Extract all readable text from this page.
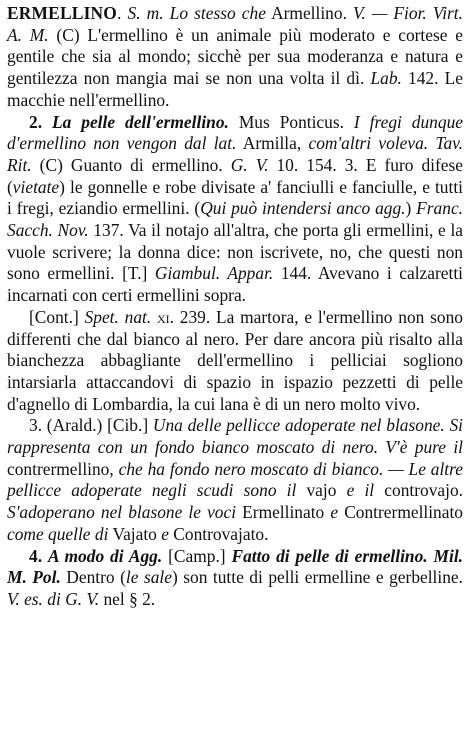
ERMELLINO. S. m. Lo stesso che Armellino. V. — Fior. Virt. A. M. (C) L'ermellino è un animale più moderato e cortese e gentile che sia al mondo; sicchè per sua moderanza e natura e gentilezza non mangia mai se non una volta il dì. Lab. 142. Le macchie nell'ermellino.

2. La pelle dell'ermellino. Mus Ponticus. I fregi dunque d'ermellino non vengon dal lat. Armilla, com'altri voleva. Tav. Rit. (C) Guanto di ermellino. G. V. 10. 154. 3. E furo difese (vietate) le gonnelle e robe divisate a' fanciulli e fanciulle, e tutti i fregi, eziandio ermellini. (Qui può intendersi anco agg.) Franc. Sacch. Nov. 137. Va il notajo all'altra, che porta gli ermellini, e la vuole scrivere; la donna dice: non iscrivete, no, che questi non sono ermellini. [T.] Giambul. Appar. 144. Avevano i calzaretti incarnati con certi ermellini sopra.

[Cont.] Spet. nat. xi. 239. La martora, e l'ermellino non sono differenti che dal bianco al nero. Per dare ancora più risalto alla bianchezza abbagliante dell'ermellino i pelliciai sogliono intarsiarla attaccandovi di spazio in ispazio pezzetti di pelle d'agnello di Lombardia, la cui lana è di un nero molto vivo.

3. (Arald.) [Cib.] Una delle pellicce adoperate nel blasone. Si rappresenta con un fondo bianco moscato di nero. V'è pure il contrermellino, che ha fondo nero moscato di bianco. — Le altre pellicce adoperate negli scudi sono il vajo e il controvajo. S'adoperano nel blasone le voci Ermellinato e Contrermellinato come quelle di Vajato e Controvajato.

4. A modo di Agg. [Camp.] Fatto di pelle di ermellino. Mil. M. Pol. Dentro (le sale) son tutte di pelli ermelline e gerbelline. V. es. di G. V. nel § 2.
